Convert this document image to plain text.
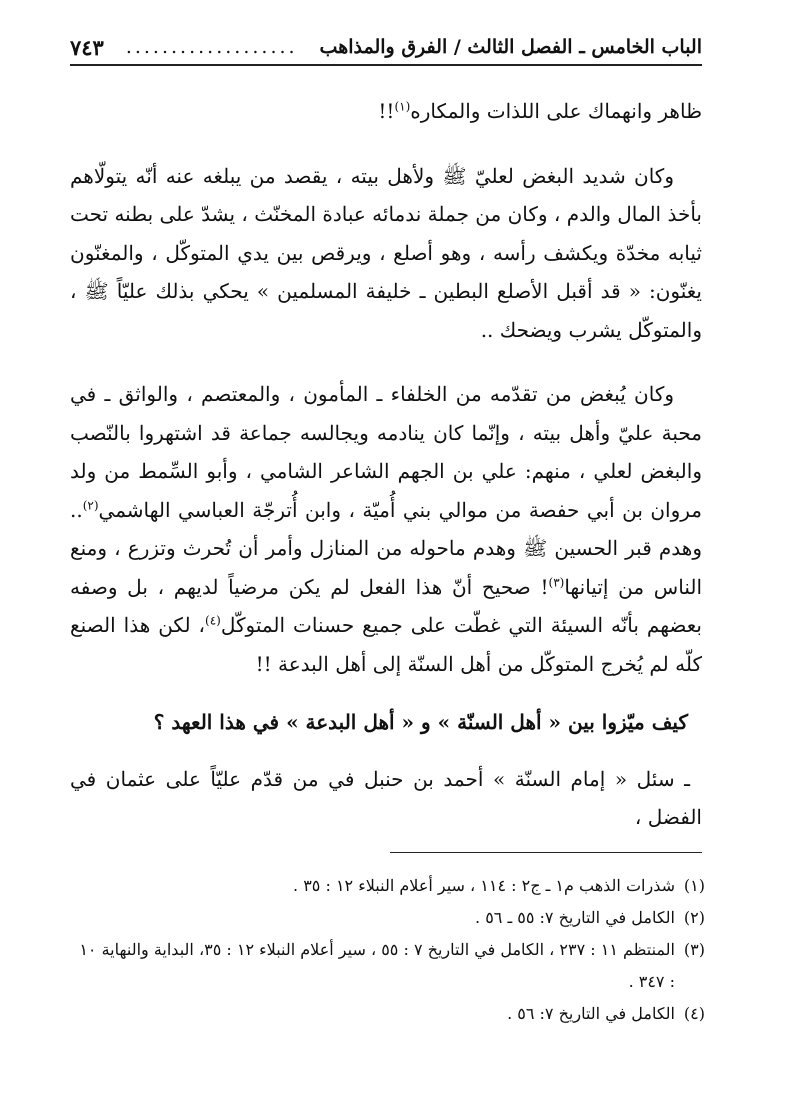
الباب الخامس ـ الفصل الثالث / الفرق والمذاهب
...................
٧٤٣

ظاهر وانهماك على اللذات والمكاره$^{(١)}$!!

وكان شديد البغض لعليّ ﷺ ولأهل بيته ، يقصد من يبلغه عنه أنّه يتولّاهم بأخذ المال والدم ، وكان من جملة ندمائه عبادة المخنّث ، يشدّ على بطنه تحت ثيابه مخدّة ويكشف رأسه ، وهو أصلع ، ويرقص بين يدي المتوكّل ، والمغنّون يغنّون: « قد أقبل الأصلع البطين ـ خليفة المسلمين » يحكي بذلك عليّاً ﷺ ، والمتوكّل يشرب ويضحك ..

وكان يُبغض من تقدّمه من الخلفاء ـ المأمون ، والمعتصم ، والواثق ـ في محبة عليّ وأهل بيته ، وإنّما كان ينادمه ويجالسه جماعة قد اشتهروا بالنّصب والبغض لعلي ، منهم: علي بن الجهم الشاعر الشامي ، وأبو السِّمط من ولد مروان بن أبي حفصة من موالي بني أُميّة ، وابن أُترجّة العباسي الهاشمي$^{(٢)}$.. وهدم قبر الحسين ﷺ وهدم ماحوله من المنازل وأمر أن تُحرث وتزرع ، ومنع الناس من إتيانها$^{(٣)}$! صحيح أنّ هذا الفعل لم يكن مرضياً لديهم ، بل وصفه بعضهم بأنّه السيئة التي غطّت على جميع حسنات المتوكّل$^{(٤)}$، لكن هذا الصنع كلّه لم يُخرج المتوكّل من أهل السنّة إلى أهل البدعة !!

كيف ميّزوا بين « أهل السنّة » و « أهل البدعة » في هذا العهد ؟

ـ سئل « إمام السنّة » أحمد بن حنبل في من قدّم عليّاً على عثمان في الفضل ،

(١)
شذرات الذهب م١ ـ ج٢ : ١١٤ ، سير أعلام النبلاء ١٢ : ٣٥ .
(٢)
الكامل في التاريخ ٧: ٥٥ ـ ٥٦ .
(٣)
المنتظم ١١ : ٢٣٧ ، الكامل في التاريخ ٧ : ٥٥ ، سير أعلام النبلاء ١٢ : ٣٥، البداية والنهاية ١٠ : ٣٤٧ .
(٤)
الكامل في التاريخ ٧: ٥٦ .
